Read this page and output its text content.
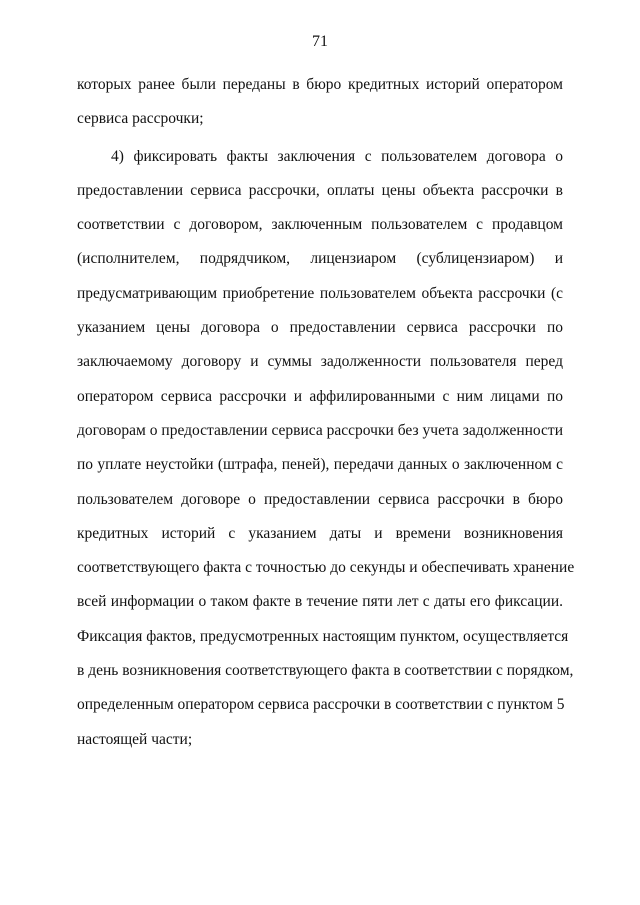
71
которых ранее были переданы в бюро кредитных историй оператором
сервиса рассрочки;
4) фиксировать факты заключения с пользователем договора о
предоставлении сервиса рассрочки, оплаты цены объекта рассрочки в
соответствии с договором, заключенным пользователем с продавцом
(исполнителем, подрядчиком, лицензиаром (сублицензиаром) и
предусматривающим приобретение пользователем объекта рассрочки (с
указанием цены договора о предоставлении сервиса рассрочки по
заключаемому договору и суммы задолженности пользователя перед
оператором сервиса рассрочки и аффилированными с ним лицами по
договорам о предоставлении сервиса рассрочки без учета задолженности
по уплате неустойки (штрафа, пеней), передачи данных о заключенном с
пользователем договоре о предоставлении сервиса рассрочки в бюро
кредитных историй с указанием даты и времени возникновения
соответствующего факта с точностью до секунды и обеспечивать хранение
всей информации о таком факте в течение пяти лет с даты его фиксации.
Фиксация фактов, предусмотренных настоящим пунктом, осуществляется
в день возникновения соответствующего факта в соответствии с порядком,
определенным оператором сервиса рассрочки в соответствии с пунктом 5
настоящей части;
